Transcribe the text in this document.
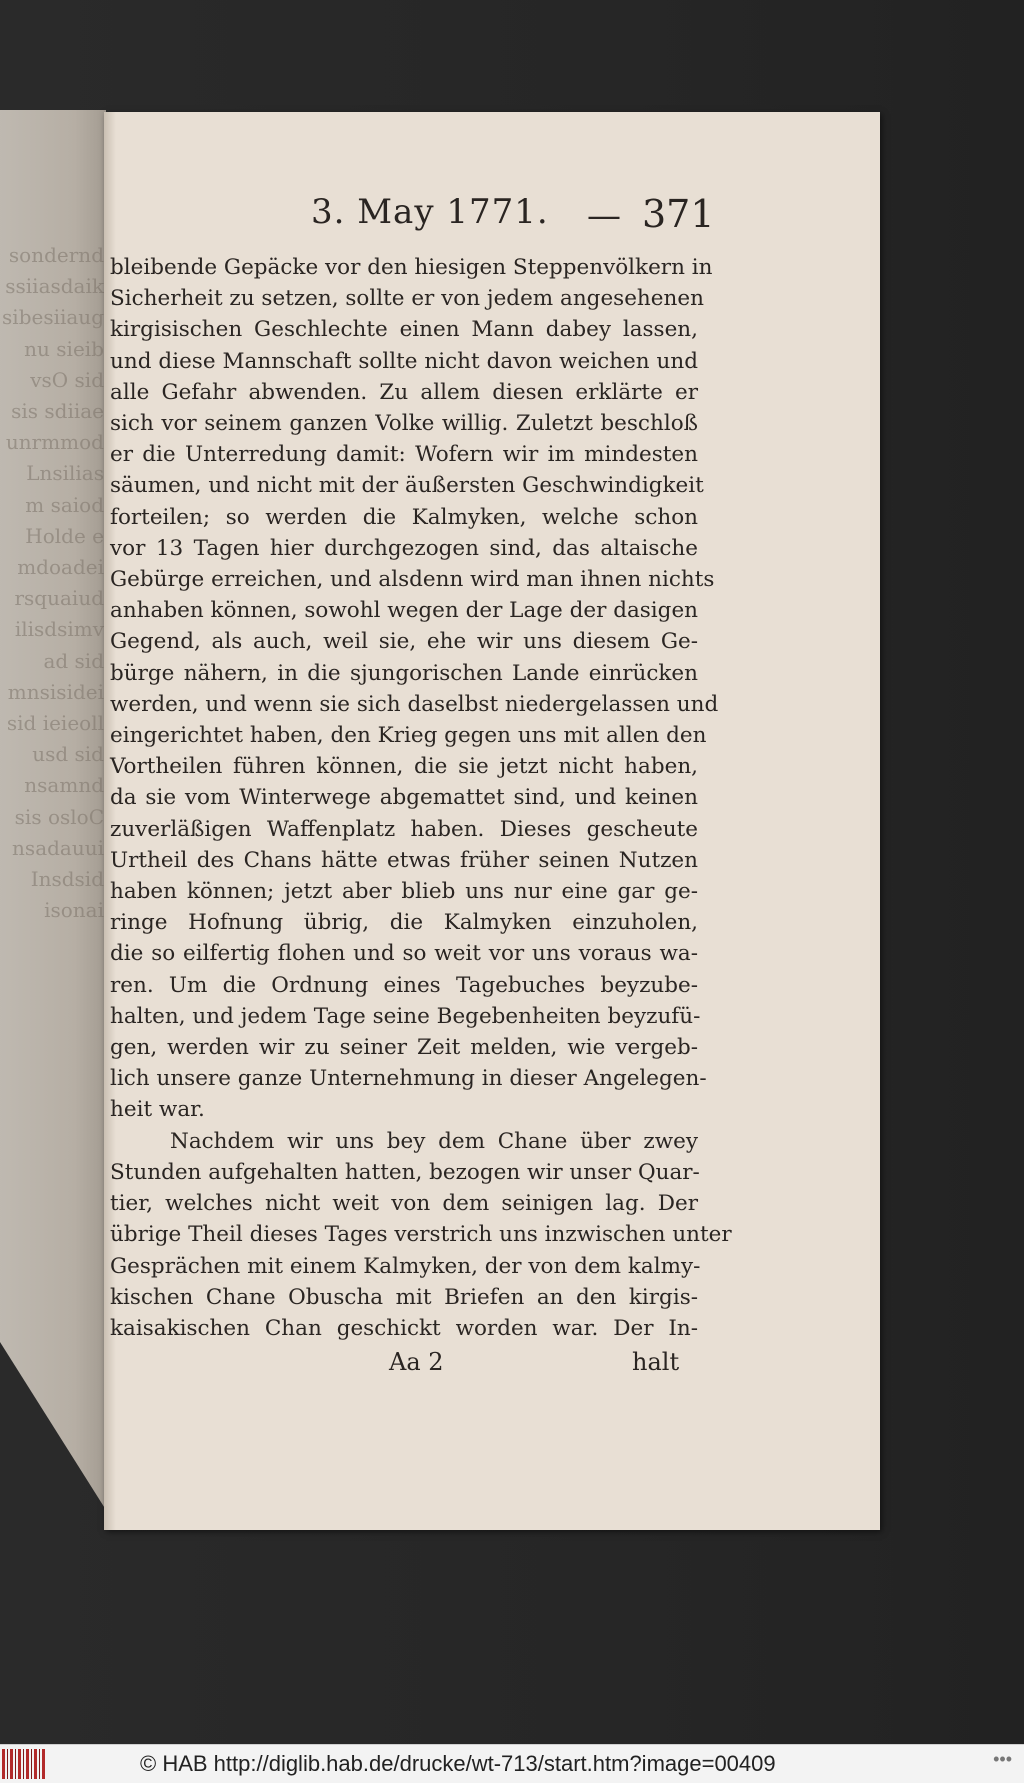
sondernd
ssiiasdaik
sibesiiaug
nu sieib
vsO sid
sis sdiiae
unrmmod
Lnsilias
m saiod
Holde e
mdoadei
rsquaiud
ilisdsimv
ad sid
mnsisidei
sid ieieoll
usd sid
nsamnd
sis osloC
nsadauui
Insdsid
isonai
3. May 1771. — 371
bleibende Gepäcke vor den hiesigen Steppenvölkern in
Sicherheit zu setzen, sollte er von jedem angesehenen
kirgisischen Geschlechte einen Mann dabey lassen,
und diese Mannschaft sollte nicht davon weichen und
alle Gefahr abwenden. Zu allem diesen erklärte er
sich vor seinem ganzen Volke willig. Zuletzt beschloß
er die Unterredung damit: Wofern wir im mindesten
säumen, und nicht mit der äußersten Geschwindigkeit
forteilen; so werden die Kalmyken, welche schon
vor 13 Tagen hier durchgezogen sind, das altaische
Gebürge erreichen, und alsdenn wird man ihnen nichts
anhaben können, sowohl wegen der Lage der dasigen
Gegend, als auch, weil sie, ehe wir uns diesem Ge-
bürge nähern, in die sjungorischen Lande einrücken
werden, und wenn sie sich daselbst niedergelassen und
eingerichtet haben, den Krieg gegen uns mit allen den
Vortheilen führen können, die sie jetzt nicht haben,
da sie vom Winterwege abgemattet sind, und keinen
zuverläßigen Waffenplatz haben. Dieses gescheute
Urtheil des Chans hätte etwas früher seinen Nutzen
haben können; jetzt aber blieb uns nur eine gar ge-
ringe Hofnung übrig, die Kalmyken einzuholen,
die so eilfertig flohen und so weit vor uns voraus wa-
ren. Um die Ordnung eines Tagebuches beyzube-
halten, und jedem Tage seine Begebenheiten beyzufü-
gen, werden wir zu seiner Zeit melden, wie vergeb-
lich unsere ganze Unternehmung in dieser Angelegen-
heit war.
Nachdem wir uns bey dem Chane über zwey
Stunden aufgehalten hatten, bezogen wir unser Quar-
tier, welches nicht weit von dem seinigen lag. Der
übrige Theil dieses Tages verstrich uns inzwischen unter
Gesprächen mit einem Kalmyken, der von dem kalmy-
kischen Chane Obuscha mit Briefen an den kirgis-
kaisakischen Chan geschickt worden war. Der In-
Aa 2	halt
© HAB http://diglib.hab.de/drucke/wt-713/start.htm?image=00409	•••
